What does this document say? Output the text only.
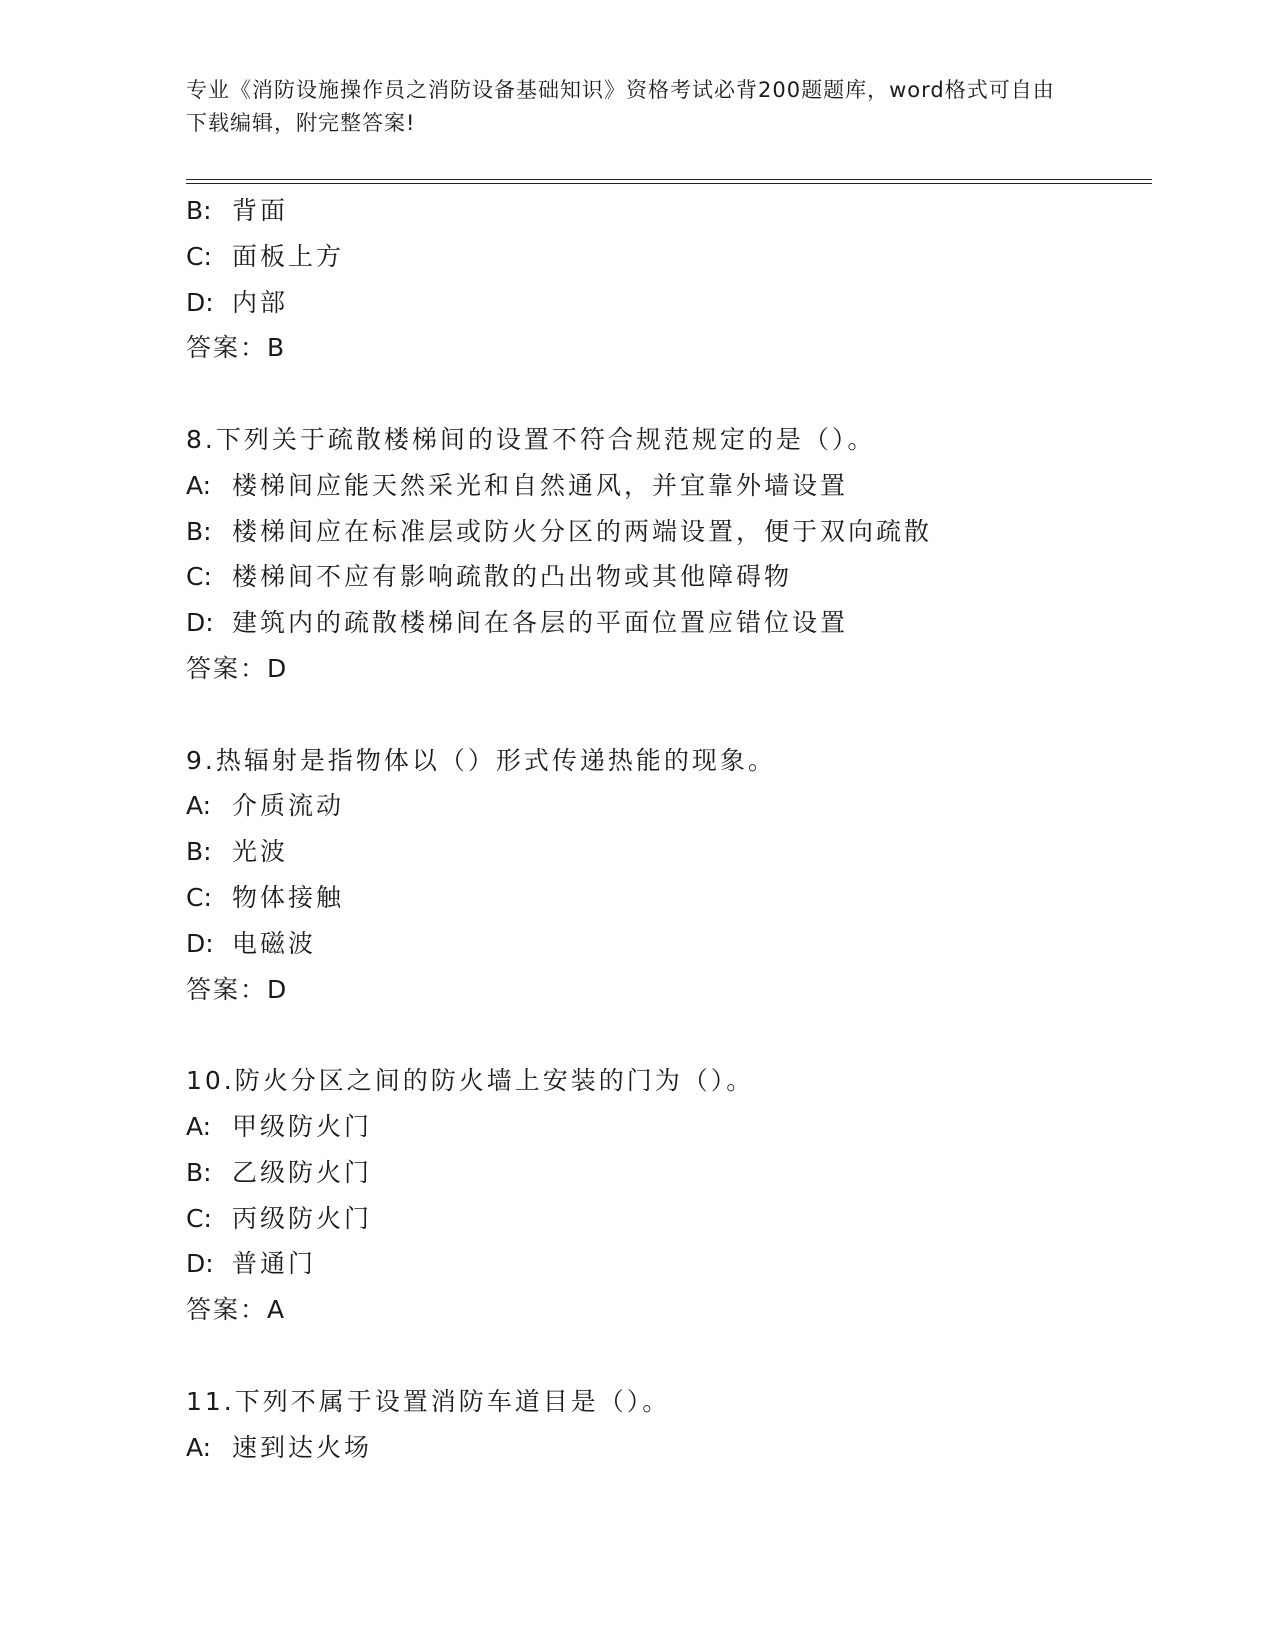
专业《消防设施操作员之消防设备基础知识》资格考试必背200题题库，word格式可自由下载编辑，附完整答案!
B: 背面
C: 面板上方
D: 内部
答案：B
8.下列关于疏散楼梯间的设置不符合规范规定的是（）。
A: 楼梯间应能天然采光和自然通风，并宜靠外墙设置
B: 楼梯间应在标准层或防火分区的两端设置，便于双向疏散
C: 楼梯间不应有影响疏散的凸出物或其他障碍物
D: 建筑内的疏散楼梯间在各层的平面位置应错位设置
答案：D
9.热辐射是指物体以（）形式传递热能的现象。
A: 介质流动
B: 光波
C: 物体接触
D: 电磁波
答案：D
10.防火分区之间的防火墙上安装的门为（）。
A: 甲级防火门
B: 乙级防火门
C: 丙级防火门
D: 普通门
答案：A
11.下列不属于设置消防车道目是（）。
A: 速到达火场
